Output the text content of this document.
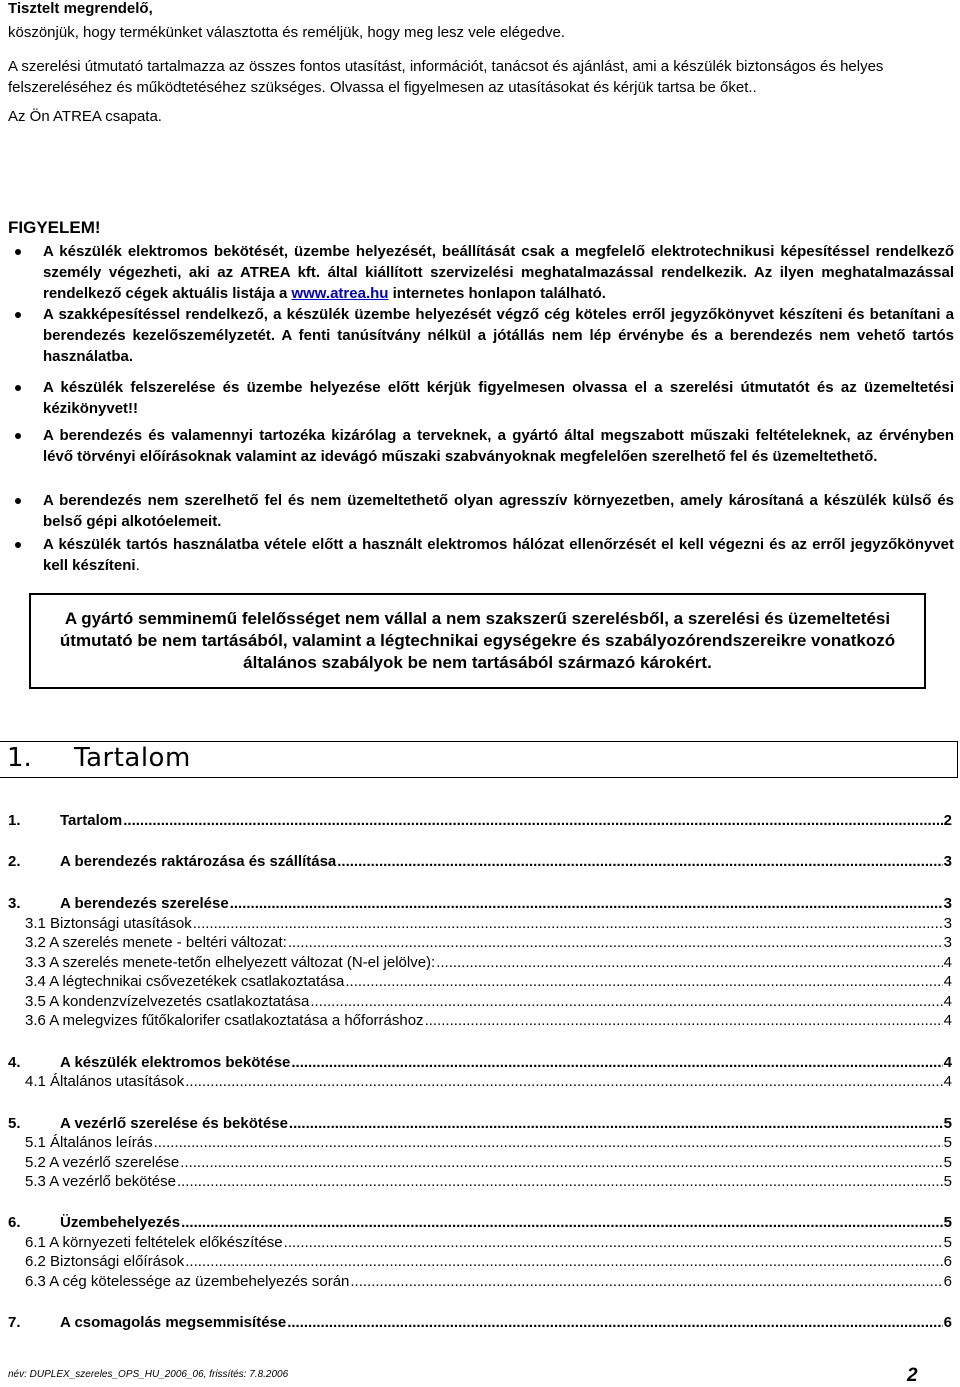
Tisztelt megrendelő,
köszönjük, hogy termékünket választotta és reméljük, hogy meg lesz vele elégedve.
A szerelési útmutató tartalmazza az összes fontos utasítást, információt, tanácsot és ajánlást, ami a készülék biztonságos és helyes felszereléséhez és működtetéséhez szükséges. Olvassa el figyelmesen az utasításokat és kérjük tartsa be őket..
Az Ön ATREA csapata.
FIGYELEM!
A készülék elektromos bekötését, üzembe helyezését, beállítását csak a megfelelő elektrotechnikusi képesítéssel rendelkező személy végezheti, aki az ATREA kft. által kiállított szervizelési meghatalmazással rendelkezik. Az ilyen meghatalmazással rendelkező cégek aktuális listája a www.atrea.hu internetes honlapon található.
A szakképesítéssel rendelkező, a készülék üzembe helyezését végző cég köteles erről jegyzőkönyvet készíteni és betanítani a berendezés kezelőszemélyzetét. A fenti tanúsítvány nélkül a jótállás nem lép érvénybe és a berendezés nem vehető tartós használatba.
A készülék felszerelése és üzembe helyezése előtt kérjük figyelmesen olvassa el a szerelési útmutatót és az üzemeltetési kézikönyvet!!
A berendezés és valamennyi tartozéka kizárólag a terveknek, a gyártó által megszabott műszaki feltételeknek, az érvényben lévő törvényi előírásoknak valamint az idevágó műszaki szabványoknak megfelelően szerelhető fel és üzemeltethető.
A berendezés nem szerelhető fel és nem üzemeltethető olyan agresszív környezetben, amely károsítaná a készülék külső és belső gépi alkotóelemeit.
A készülék tartós használatba vétele előtt a használt elektromos hálózat ellenőrzését el kell végezni és az erről jegyzőkönyvet kell készíteni.
A gyártó semminemű felelősséget nem vállal a nem szakszerű szerelésből, a szerelési és üzemeltetési útmutató be nem tartásából, valamint a légtechnikai egységekre és szabályozórendszereikre vonatkozó általános szabályok be nem tartásából származó károkért.
1. Tartalom
1.	Tartalom .....	2
2.	A berendezés raktározása és szállítása .....	3
3.	A berendezés szerelése .....	3
3.1 Biztonsági utasítások .....	3
3.2 A szerelés menete - beltéri változat: .....	3
3.3 A szerelés menete-tetőn elhelyezett változat (N-el jelölve): .....	4
3.4 A légtechnikai csővezetékek csatlakoztatása .....	4
3.5 A kondenzvízelvezetés csatlakoztatása .....	4
3.6 A melegvizes fűtőkalorifer csatlakoztatása a hőforráshoz .....	4
4.	A készülék elektromos bekötése .....	4
4.1 Általános utasítások .....	4
5.	A vezérlő szerelése és bekötése .....	5
5.1 Általános leírás .....	5
5.2 A vezérlő szerelése .....	5
5.3 A vezérlő bekötése .....	5
6.	Üzembehelyezés .....	5
6.1 A környezeti feltételek előkészítése .....	5
6.2 Biztonsági előírások .....	6
6.3 A cég kötelessége az üzembehelyezés során .....	6
7.	A csomagolás megsemmisítése .....	6
név: DUPLEX_szereles_OPS_HU_2006_06, frissítés: 7.8.2006	2
